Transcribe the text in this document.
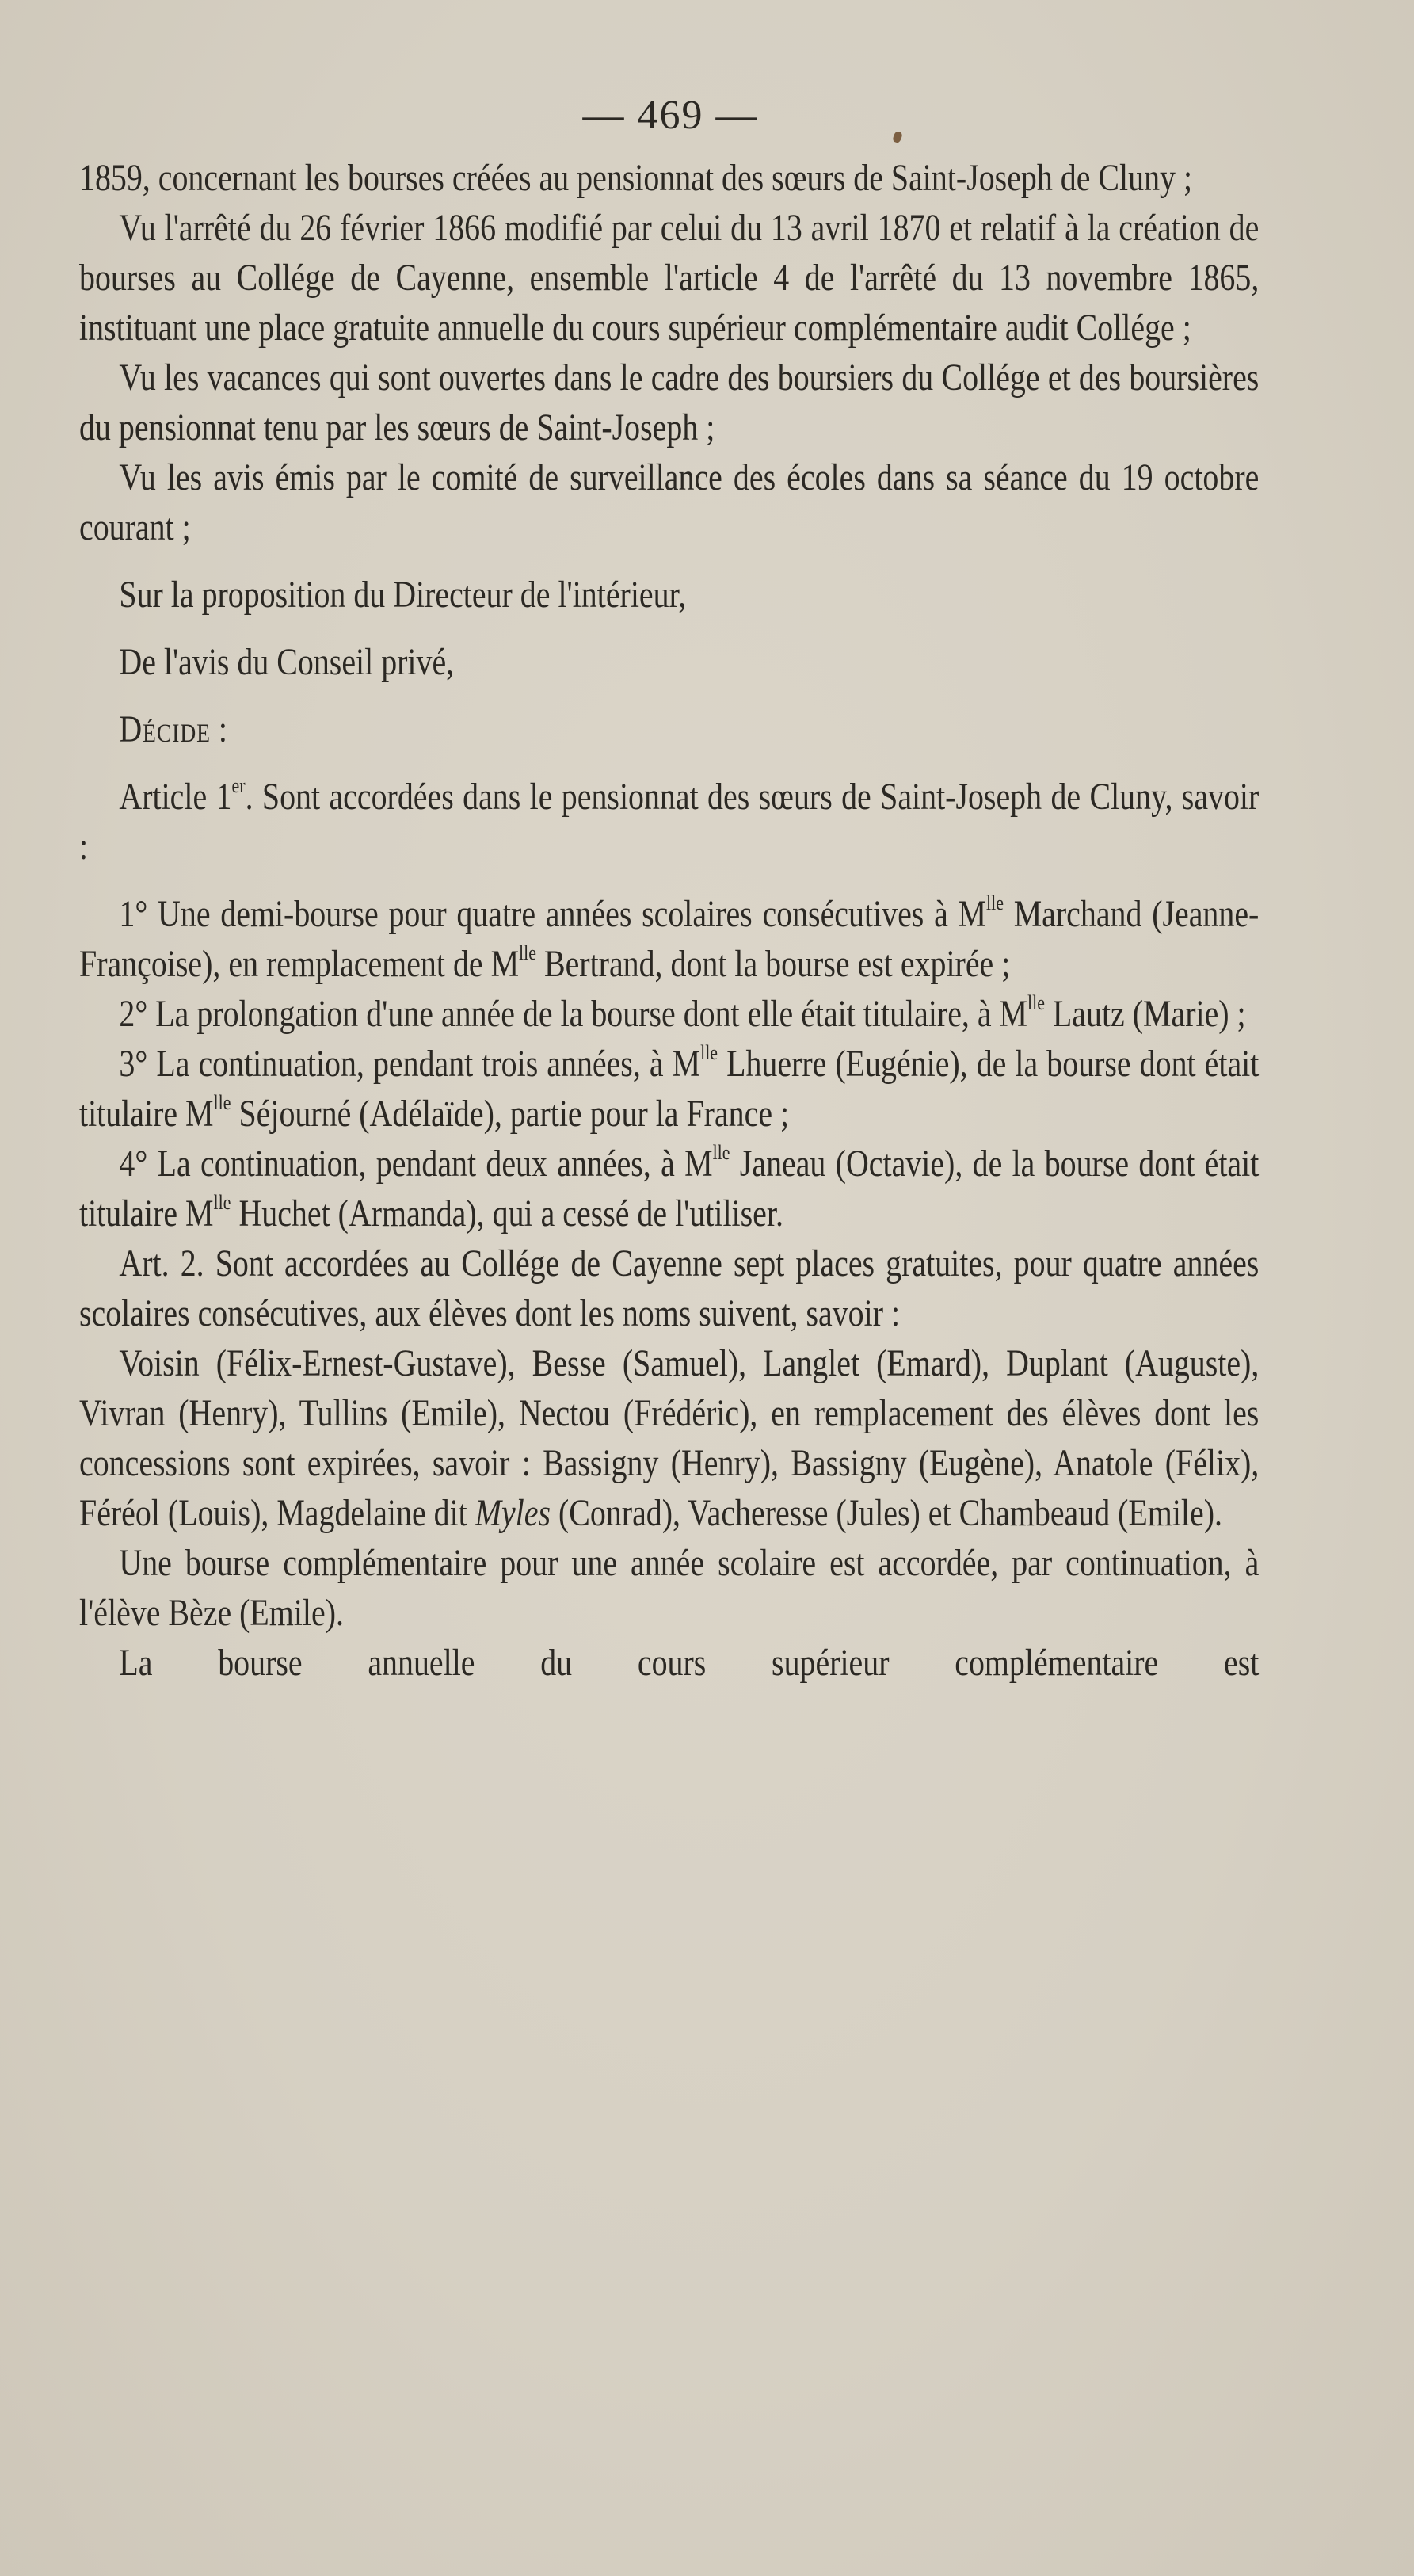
— 469 —

1859, concernant les bourses créées au pensionnat des sœurs de Saint-Joseph de Cluny ;

Vu l'arrêté du 26 février 1866 modifié par celui du 13 avril 1870 et relatif à la création de bourses au Collége de Cayenne, ensemble l'article 4 de l'arrêté du 13 novembre 1865, instituant une place gratuite annuelle du cours supérieur complémentaire audit Collége ;

Vu les vacances qui sont ouvertes dans le cadre des boursiers du Collége et des boursières du pensionnat tenu par les sœurs de Saint-Joseph ;

Vu les avis émis par le comité de surveillance des écoles dans sa séance du 19 octobre courant ;

Sur la proposition du Directeur de l'intérieur,

De l'avis du Conseil privé,

Décide :

Article 1er. Sont accordées dans le pensionnat des sœurs de Saint-Joseph de Cluny, savoir :

1° Une demi-bourse pour quatre années scolaires consécutives à $M^{lle}$ Marchand (Jeanne-Françoise), en remplacement de $M^{lle}$ Bertrand, dont la bourse est expirée ;

2° La prolongation d'une année de la bourse dont elle était titulaire, à $M^{lle}$ Lautz (Marie) ;

3° La continuation, pendant trois années, à $M^{lle}$ Lhuerre (Eugénie), de la bourse dont était titulaire $M^{lle}$ Séjourné (Adélaïde), partie pour la France ;

4° La continuation, pendant deux années, à $M^{lle}$ Janeau (Octavie), de la bourse dont était titulaire $M^{lle}$ Huchet (Armanda), qui a cessé de l'utiliser.

Art. 2. Sont accordées au Collége de Cayenne sept places gratuites, pour quatre années scolaires consécutives, aux élèves dont les noms suivent, savoir :

Voisin (Félix-Ernest-Gustave), Besse (Samuel), Langlet (Emard), Duplant (Auguste), Vivran (Henry), Tullins (Emile), Nectou (Frédéric), en remplacement des élèves dont les concessions sont expirées, savoir : Bassigny (Henry), Bassigny (Eugène), Anatole (Félix), Féréol (Louis), Magdelaine dit Myles (Conrad), Vacheresse (Jules) et Chambeaud (Emile).

Une bourse complémentaire pour une année scolaire est accordée, par continuation, à l'élève Bèze (Emile).

La bourse annuelle du cours supérieur complémentaire est
